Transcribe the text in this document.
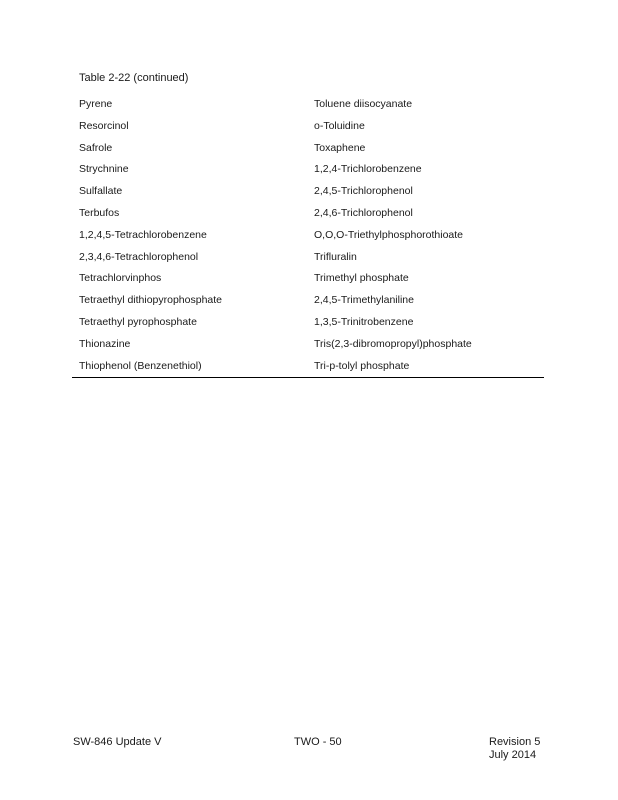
Table 2-22 (continued)
Pyrene	Toluene diisocyanate
Resorcinol	o-Toluidine
Safrole	Toxaphene
Strychnine	1,2,4-Trichlorobenzene
Sulfallate	2,4,5-Trichlorophenol
Terbufos	2,4,6-Trichlorophenol
1,2,4,5-Tetrachlorobenzene	O,O,O-Triethylphosphorothioate
2,3,4,6-Tetrachlorophenol	Trifluralin
Tetrachlorvinphos	Trimethyl phosphate
Tetraethyl dithiopyrophosphate	2,4,5-Trimethylaniline
Tetraethyl pyrophosphate	1,3,5-Trinitrobenzene
Thionazine	Tris(2,3-dibromopropyl)phosphate
Thiophenol (Benzenethiol)	Tri-p-tolyl phosphate
SW-846 Update V	TWO - 50	Revision 5
July 2014
